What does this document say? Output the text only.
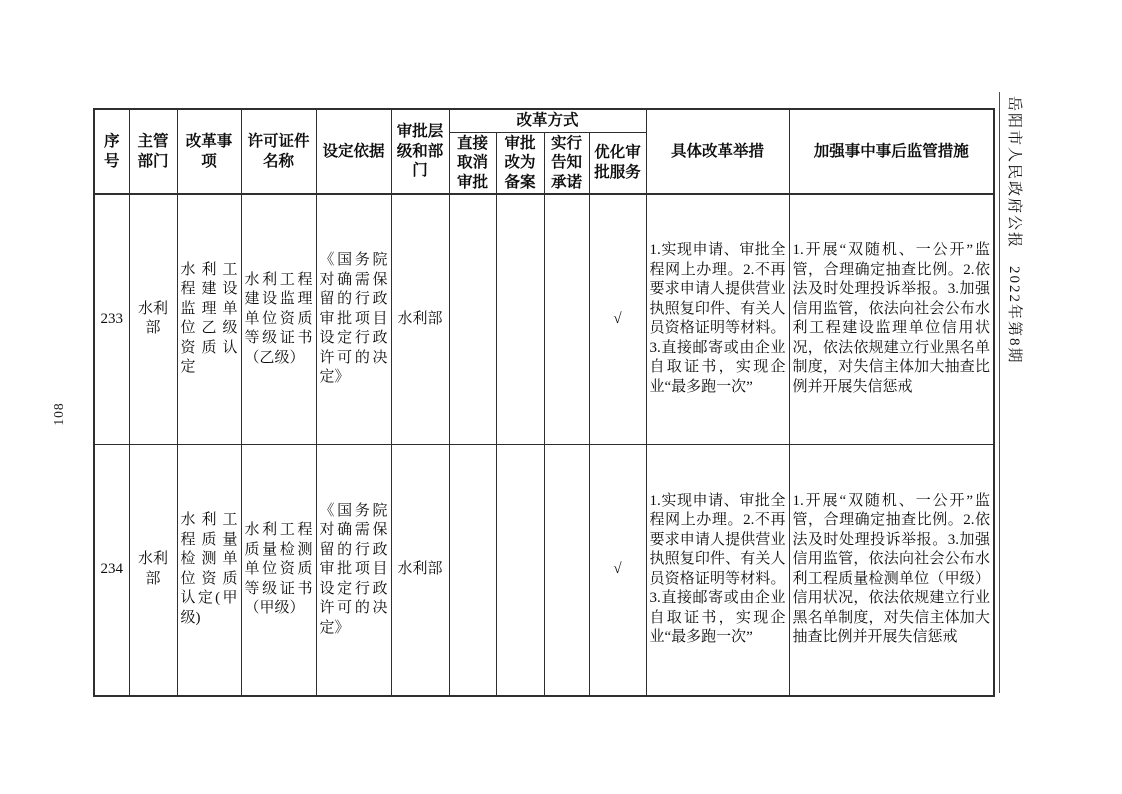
108
岳阳市人民政府公报　2022年第8期
序号	主管部门	改革事项	许可证件名称	设定依据	审批层级和部门	改革方式				具体改革举措	加强事中事后监管措施
						直接取消审批	审批改为备案	实行告知承诺	优化审批服务		
233	水利部	水利工程建设监理单位乙级资质认定	水利工程建设监理单位资质等级证书（乙级）	《国务院对确需保留的行政审批项目设定行政许可的决定》	水利部				√	1.实现申请、审批全程网上办理。2.不再要求申请人提供营业执照复印件、有关人员资格证明等材料。3.直接邮寄或由企业自取证书，实现企业“最多跑一次”	1.开展“双随机、一公开”监管，合理确定抽查比例。2.依法及时处理投诉举报。3.加强信用监管，依法向社会公布水利工程建设监理单位信用状况，依法依规建立行业黑名单制度，对失信主体加大抽查比例并开展失信惩戒
234	水利部	水利工程质量检测单位资质认定(甲级)	水利工程质量检测单位资质等级证书（甲级）	《国务院对确需保留的行政审批项目设定行政许可的决定》	水利部				√	1.实现申请、审批全程网上办理。2.不再要求申请人提供营业执照复印件、有关人员资格证明等材料。3.直接邮寄或由企业自取证书，实现企业“最多跑一次”	1.开展“双随机、一公开”监管，合理确定抽查比例。2.依法及时处理投诉举报。3.加强信用监管，依法向社会公布水利工程质量检测单位（甲级）信用状况，依法依规建立行业黑名单制度，对失信主体加大抽查比例并开展失信惩戒
